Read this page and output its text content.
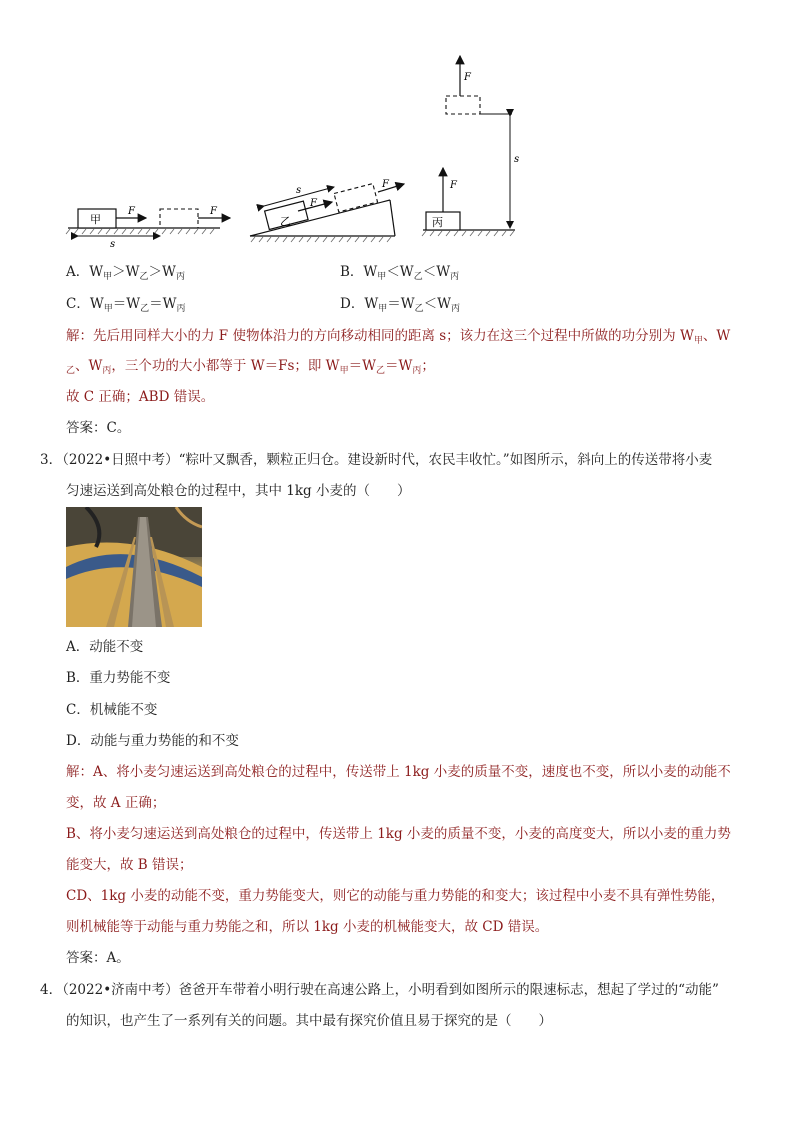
甲
F	F
s
乙
F
F
s
丙
F
F
s
A．$W_甲>W_乙>W_丙$	B．$W_甲<W_乙<W_丙$
C．$W_甲=W_乙=W_丙$	D．$W_甲=W_乙<W_丙$
解：先后用同样大小的力 F 使物体沿力的方向移动相同的距离 s；该力在这三个过程中所做的功分别为 $W_甲$、W
$_乙$、$W_丙$，三个功的大小都等于 W＝Fs；即 $W_甲=W_乙=W_丙$；
故 C 正确；ABD 错误。
答案：C。
3．（2022•日照中考）“粽叶又飘香，颗粒正归仓。建设新时代，农民丰收忙。”如图所示，斜向上的传送带将小麦
匀速运送到高处粮仓的过程中，其中 1kg 小麦的（　　）
A．动能不变
B．重力势能不变
C．机械能不变
D．动能与重力势能的和不变
解：A、将小麦匀速运送到高处粮仓的过程中，传送带上 1kg 小麦的质量不变，速度也不变，所以小麦的动能不
变，故 A 正确；
B、将小麦匀速运送到高处粮仓的过程中，传送带上 1kg 小麦的质量不变，小麦的高度变大，所以小麦的重力势
能变大，故 B 错误；
CD、1kg 小麦的动能不变，重力势能变大，则它的动能与重力势能的和变大；该过程中小麦不具有弹性势能，
则机械能等于动能与重力势能之和，所以 1kg 小麦的机械能变大，故 CD 错误。
答案：A。
4．（2022•济南中考）爸爸开车带着小明行驶在高速公路上，小明看到如图所示的限速标志，想起了学过的“动能”
的知识，也产生了一系列有关的问题。其中最有探究价值且易于探究的是（　　）
